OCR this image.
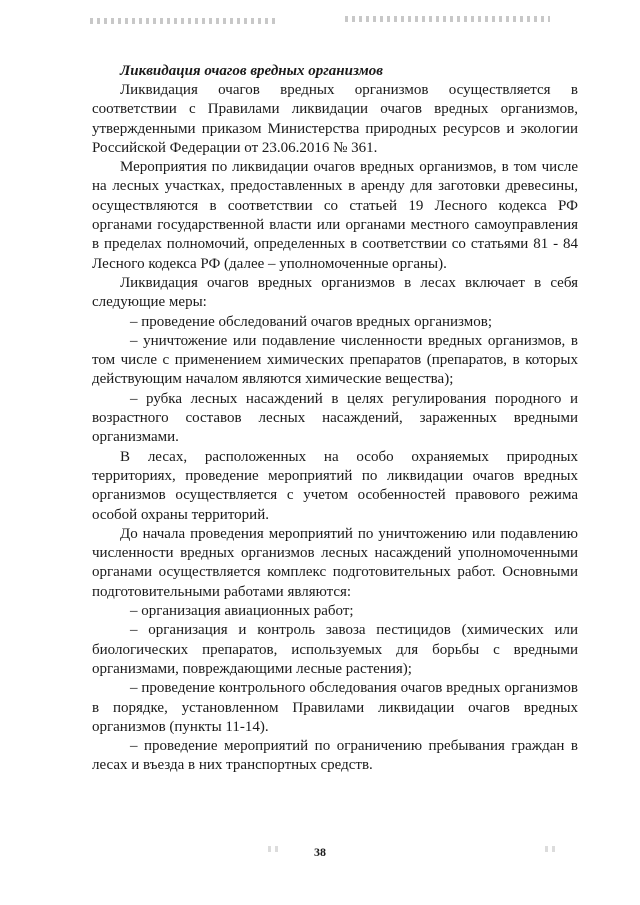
Ликвидация очагов вредных организмов

Ликвидация очагов вредных организмов осуществляется в соответствии с Правилами ликвидации очагов вредных организмов, утвержденными приказом Министерства природных ресурсов и экологии Российской Федерации от 23.06.2016 № 361.

Мероприятия по ликвидации очагов вредных организмов, в том числе на лесных участках, предоставленных в аренду для заготовки древесины, осуществляются в соответствии со статьей 19 Лесного кодекса РФ органами государственной власти или органами местного самоуправления в пределах полномочий, определенных в соответствии со статьями 81 - 84 Лесного кодекса РФ (далее – уполномоченные органы).

Ликвидация очагов вредных организмов в лесах включает в себя следующие меры:

– проведение обследований очагов вредных организмов;

– уничтожение или подавление численности вредных организмов, в том числе с применением химических препаратов (препаратов, в которых действующим началом являются химические вещества);

– рубка лесных насаждений в целях регулирования породного и возрастного составов лесных насаждений, зараженных вредными организмами.

В лесах, расположенных на особо охраняемых природных территориях, проведение мероприятий по ликвидации очагов вредных организмов осуществляется с учетом особенностей правового режима особой охраны территорий.

До начала проведения мероприятий по уничтожению или подавлению численности вредных организмов лесных насаждений уполномоченными органами осуществляется комплекс подготовительных работ. Основными подготовительными работами являются:

– организация авиационных работ;

– организация и контроль завоза пестицидов (химических или биологических препаратов, используемых для борьбы с вредными организмами, повреждающими лесные растения);

– проведение контрольного обследования очагов вредных организмов в порядке, установленном Правилами ликвидации очагов вредных организмов (пункты 11-14).

– проведение мероприятий по ограничению пребывания граждан в лесах и въезда в них транспортных средств.

38
